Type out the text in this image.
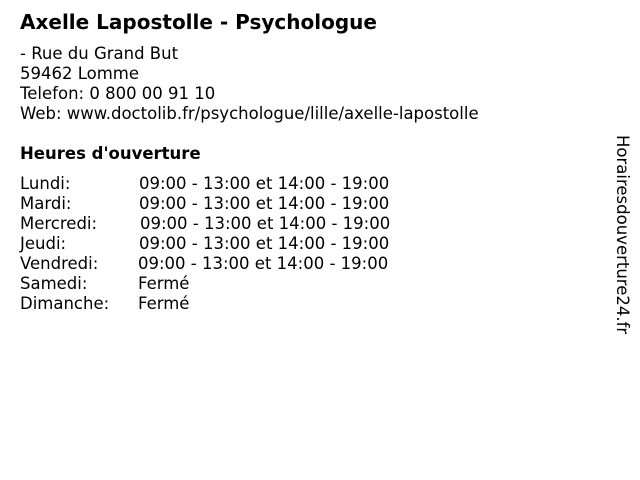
Axelle Lapostolle - Psychologue
- Rue du Grand But
59462 Lomme
Telefon: 0 800 00 91 10
Web: www.doctolib.fr/psychologue/lille/axelle-lapostolle
Heures d'ouverture
Lundi:	09:00 - 13:00 et 14:00 - 19:00
Mardi:	09:00 - 13:00 et 14:00 - 19:00
Mercredi:	09:00 - 13:00 et 14:00 - 19:00
Jeudi:	09:00 - 13:00 et 14:00 - 19:00
Vendredi: 09:00 - 13:00 et 14:00 - 19:00
Samedi:	Fermé
Dimanche: Fermé	Horairesdouverture24.fr
